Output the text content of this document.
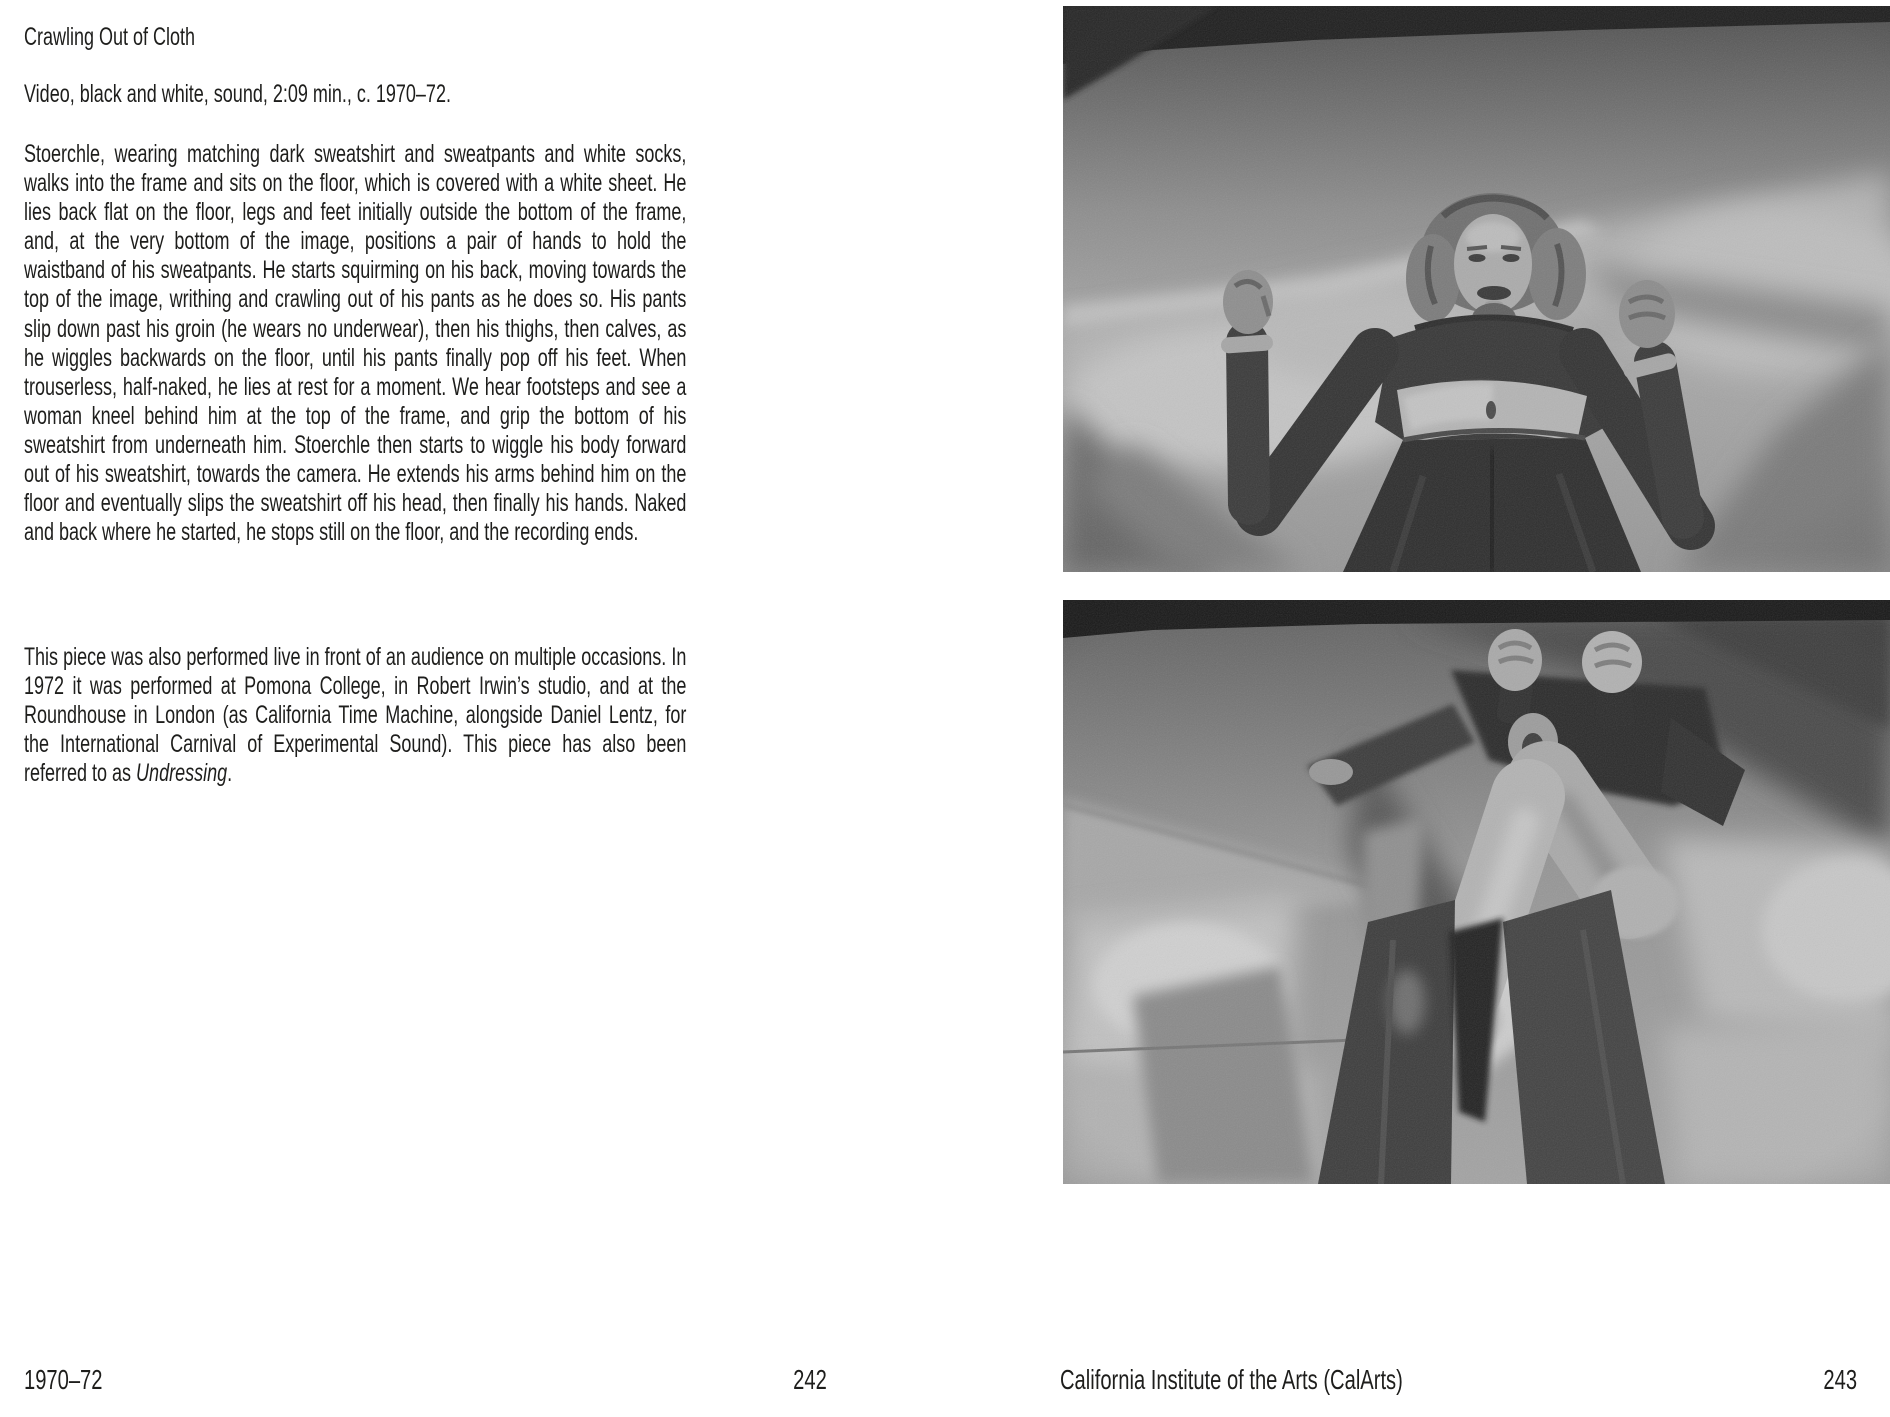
Crawling Out of Cloth
Video, black and white, sound, 2:09 min., c. 1970–72.
Stoerchle, wearing matching dark sweatshirt and sweatpants and white socks, walks into the frame and sits on the floor, which is covered with a white sheet. He lies back flat on the floor, legs and feet initially outside the bottom of the frame, and, at the very bottom of the image, positions a pair of hands to hold the waistband of his sweatpants. He starts squirming on his back, moving towards the top of the image, writhing and crawling out of his pants as he does so. His pants slip down past his groin (he wears no underwear), then his thighs, then calves, as he wiggles backwards on the floor, until his pants finally pop off his feet. When trouserless, half-naked, he lies at rest for a moment. We hear footsteps and see a woman kneel behind him at the top of the frame, and grip the bottom of his sweatshirt from underneath him. Stoerchle then starts to wiggle his body forward out of his sweatshirt, towards the camera. He extends his arms behind him on the floor and eventually slips the sweatshirt off his head, then finally his hands. Naked and back where he started, he stops still on the floor, and the recording ends.
This piece was also performed live in front of an audience on multiple occasions. In 1972 it was performed at Pomona College, in Robert Irwin’s studio, and at the Roundhouse in London (as California Time Machine, alongside Daniel Lentz, for the International Carnival of Experimental Sound). This piece has also been referred to as Undressing.
1970–72	242	California Institute of the Arts (CalArts)	243
